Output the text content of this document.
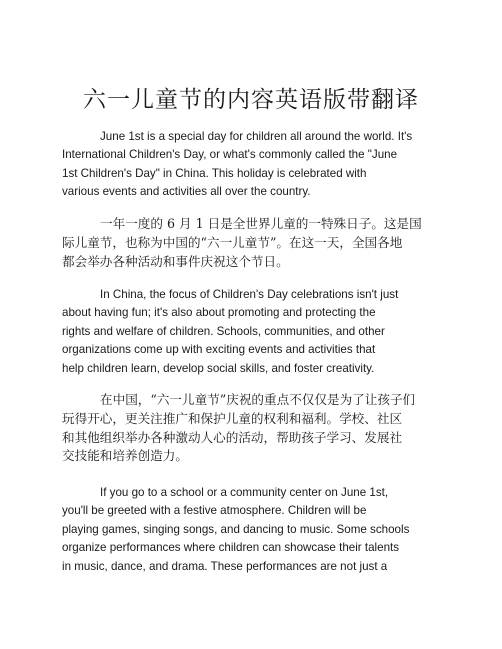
六一儿童节的内容英语版带翻译

June 1st is a special day for children all around the world. It's
International Children's Day, or what's commonly called the "June
1st Children's Day" in China. This holiday is celebrated with
various events and activities all over the country.

一年一度的 6 月 1 日是全世界儿童的一特殊日子。这是国
际儿童节，也称为中国的“六一儿童节”。在这一天，全国各地
都会举办各种活动和事件庆祝这个节日。

In China, the focus of Children's Day celebrations isn't just
about having fun; it's also about promoting and protecting the
rights and welfare of children. Schools, communities, and other
organizations come up with exciting events and activities that
help children learn, develop social skills, and foster creativity.

在中国，“六一儿童节”庆祝的重点不仅仅是为了让孩子们
玩得开心，更关注推广和保护儿童的权利和福利。学校、社区
和其他组织举办各种激动人心的活动，帮助孩子学习、发展社
交技能和培养创造力。

If you go to a school or a community center on June 1st,
you'll be greeted with a festive atmosphere. Children will be
playing games, singing songs, and dancing to music. Some schools
organize performances where children can showcase their talents
in music, dance, and drama. These performances are not just a
